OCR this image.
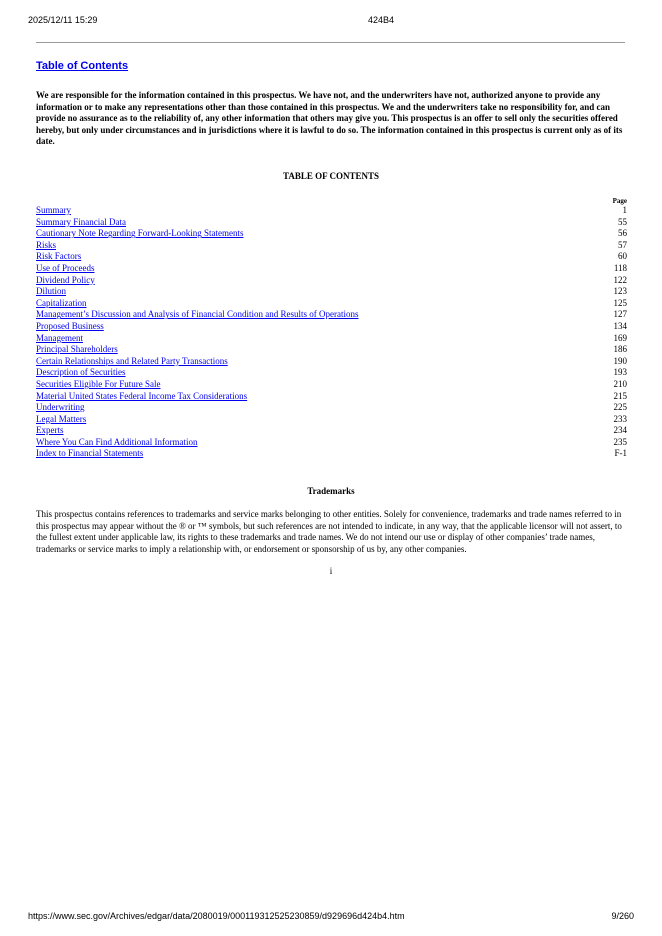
2025/12/11 15:29	424B4
Table of Contents
We are responsible for the information contained in this prospectus. We have not, and the underwriters have not, authorized anyone to provide any information or to make any representations other than those contained in this prospectus. We and the underwriters take no responsibility for, and can provide no assurance as to the reliability of, any other information that others may give you. This prospectus is an offer to sell only the securities offered hereby, but only under circumstances and in jurisdictions where it is lawful to do so. The information contained in this prospectus is current only as of its date.
TABLE OF CONTENTS
Page
Summary	1
Summary Financial Data	55
Cautionary Note Regarding Forward-Looking Statements	56
Risks	57
Risk Factors	60
Use of Proceeds	118
Dividend Policy	122
Dilution	123
Capitalization	125
Management’s Discussion and Analysis of Financial Condition and Results of Operations	127
Proposed Business	134
Management	169
Principal Shareholders	186
Certain Relationships and Related Party Transactions	190
Description of Securities	193
Securities Eligible For Future Sale	210
Material United States Federal Income Tax Considerations	215
Underwriting	225
Legal Matters	233
Experts	234
Where You Can Find Additional Information	235
Index to Financial Statements	F-1
Trademarks
This prospectus contains references to trademarks and service marks belonging to other entities. Solely for convenience, trademarks and trade names referred to in this prospectus may appear without the ® or ™ symbols, but such references are not intended to indicate, in any way, that the applicable licensor will not assert, to the fullest extent under applicable law, its rights to these trademarks and trade names. We do not intend our use or display of other companies’ trade names, trademarks or service marks to imply a relationship with, or endorsement or sponsorship of us by, any other companies.
i
https://www.sec.gov/Archives/edgar/data/2080019/000119312525230859/d929696d424b4.htm	9/260
